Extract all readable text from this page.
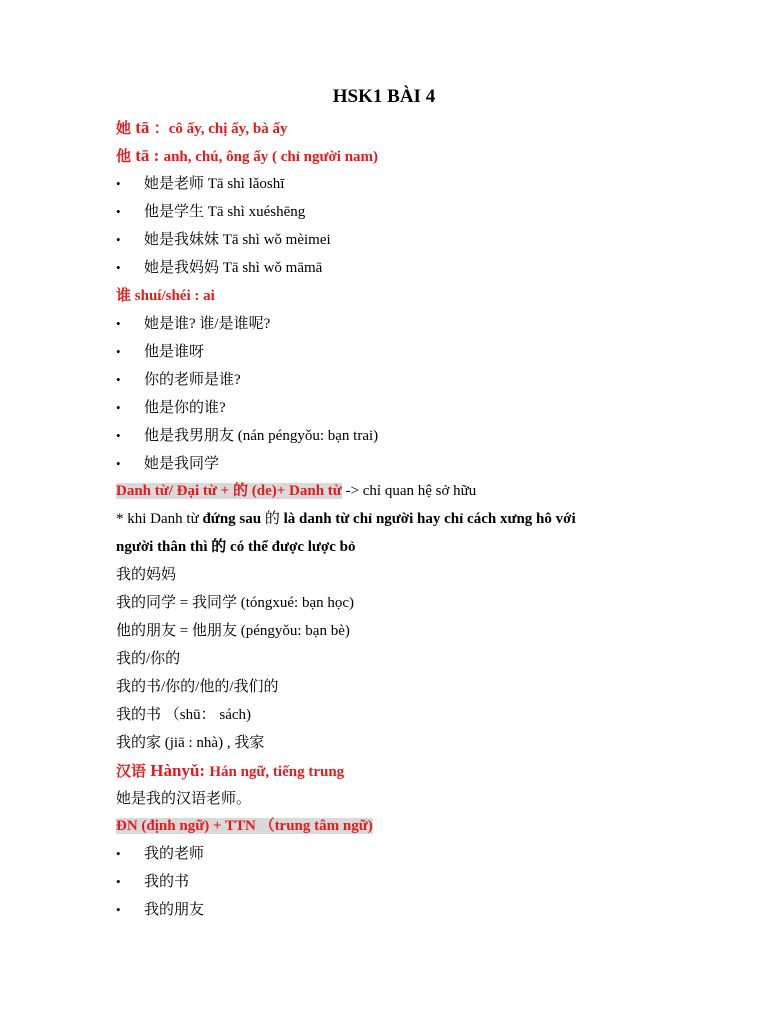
HSK1 BÀI 4
她 tā ：cô ấy, chị ấy, bà ấy
他 tā : anh, chú, ông ấy ( chỉ người nam)
• 她是老师 Tā shì lǎoshī
• 他是学生 Tā shì xuéshēng
• 她是我妹妹 Tā shì wǒ mèimei
• 她是我妈妈 Tā shì wǒ māmā
谁 shuí/shéi : ai
• 她是谁? 谁/是谁呢?
• 他是谁呀
• 你的老师是谁?
• 他是你的谁?
• 他是我男朋友 (nán péngyǒu: bạn trai)
• 她是我同学
Danh từ/ Đại từ + 的 (de)+ Danh từ -> chỉ quan hệ sở hữu
* khi Danh từ đứng sau 的 là danh từ chỉ người hay chỉ cách xưng hô với
người thân thì 的 có thể được lược bỏ
我的妈妈
我的同学 = 我同学 (tóngxué: bạn học)
他的朋友 = 他朋友 (péngyǒu: bạn bè)
我的/你的
我的书/你的/他的/我们的
我的书 （shū： sách)
我的家 (jiā : nhà) , 我家
汉语 Hànyǔ: Hán ngữ, tiếng trung
她是我的汉语老师。
ĐN (định ngữ) + TTN （trung tâm ngữ)
• 我的老师
• 我的书
• 我的朋友
